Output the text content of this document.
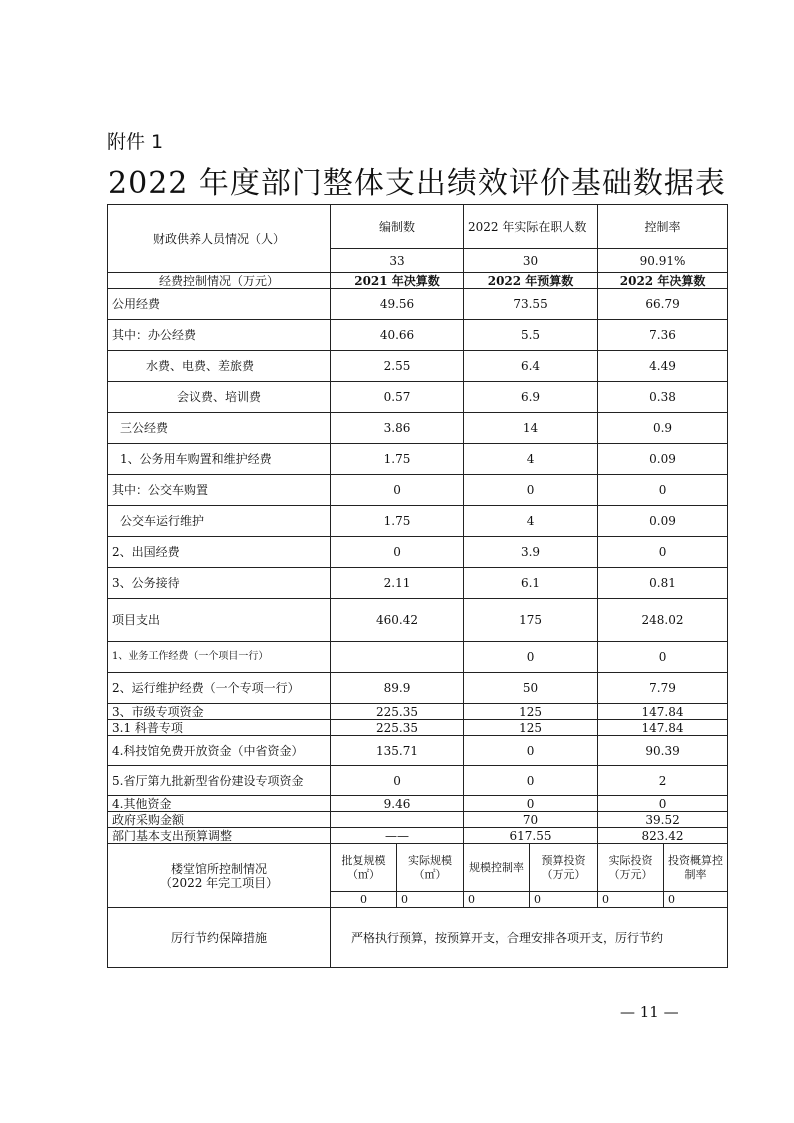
附件 1
2022 年度部门整体支出绩效评价基础数据表
财政供养人员情况（人）	编制数		2022 年实际在职人数		控制率	
	33		30		90.91%	
经费控制情况（万元）	2021 年决算数		2022 年预算数		2022 年决算数	
公用经费	49.56		73.55		66.79	
其中：办公经费	40.66		5.5		7.36	
水费、电费、差旅费	2.55		6.4		4.49	
会议费、培训费	0.57		6.9		0.38	
三公经费	3.86		14		0.9	
1、公务用车购置和维护经费	1.75		4		0.09	
其中：公交车购置	0		0		0	
公交车运行维护	1.75		4		0.09	
2、出国经费	0		3.9		0	
3、公务接待	2.11		6.1		0.81	
项目支出	460.42		175		248.02	
1、业务工作经费（一个项目一行）			0		0	
2、运行维护经费（一个专项一行）	89.9		50		7.79	
3、市级专项资金	225.35		125		147.84	
3.1 科普专项	225.35		125		147.84	
4.科技馆免费开放资金（中省资金）	135.71		0		90.39	
5.省厅第九批新型省份建设专项资金	0		0		2	
4.其他资金	9.46		0		0	
政府采购金额			70		39.52	
部门基本支出预算调整	——		617.55		823.42	

楼堂馆所控制情况
（2022 年完工项目）	批复规模（㎡）	实际规模（㎡）	规模控制率	预算投资（万元）	实际投资（万元）	投资概算控制率
	0	0	0	0	0	0
厉行节约保障措施	严格执行预算，按预算开支，合理安排各项开支，厉行节约					
— 11 —
